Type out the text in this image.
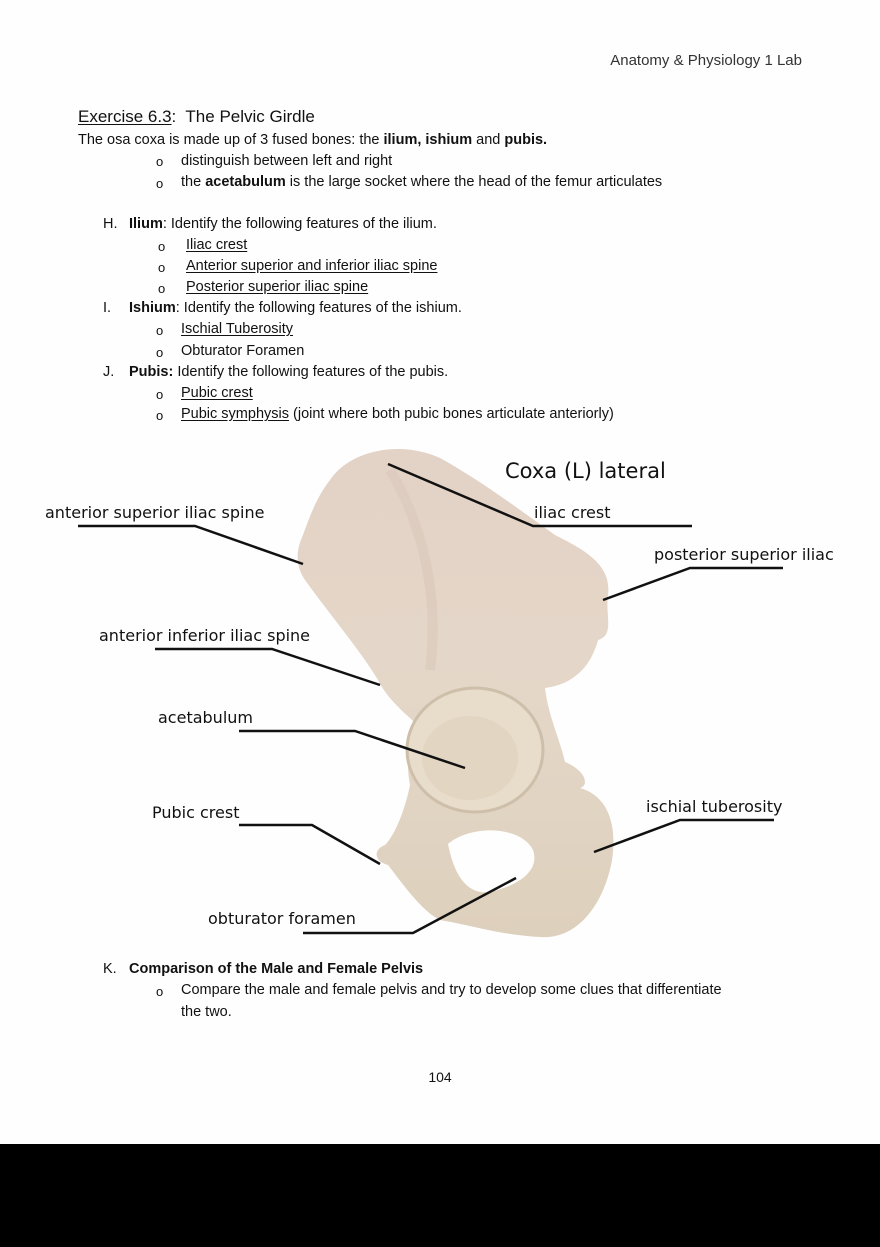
Anatomy & Physiology 1 Lab
Exercise 6.3:  The Pelvic Girdle
The osa coxa is made up of 3 fused bones: the ilium, ishium and pubis.
o distinguish between left and right
o the acetabulum is the large socket where the head of the femur articulates
H. Ilium: Identify the following features of the ilium.
o Iliac crest
o Anterior superior and inferior iliac spine
o Posterior superior iliac spine
I. Ishium: Identify the following features of the ishium.
o Ischial Tuberosity
o Obturator Foramen
J. Pubis: Identify the following features of the pubis.
o Pubic crest
o Pubic symphysis (joint where both pubic bones articulate anteriorly)
Coxa (L) lateral
anterior superior iliac spine	iliac crest
posterior superior iliac
anterior inferior iliac spine
acetabulum
Pubic crest	ischial tuberosity
obturator foramen
K. Comparison of the Male and Female Pelvis
o Compare the male and female pelvis and try to develop some clues that differentiate
the two.
104
